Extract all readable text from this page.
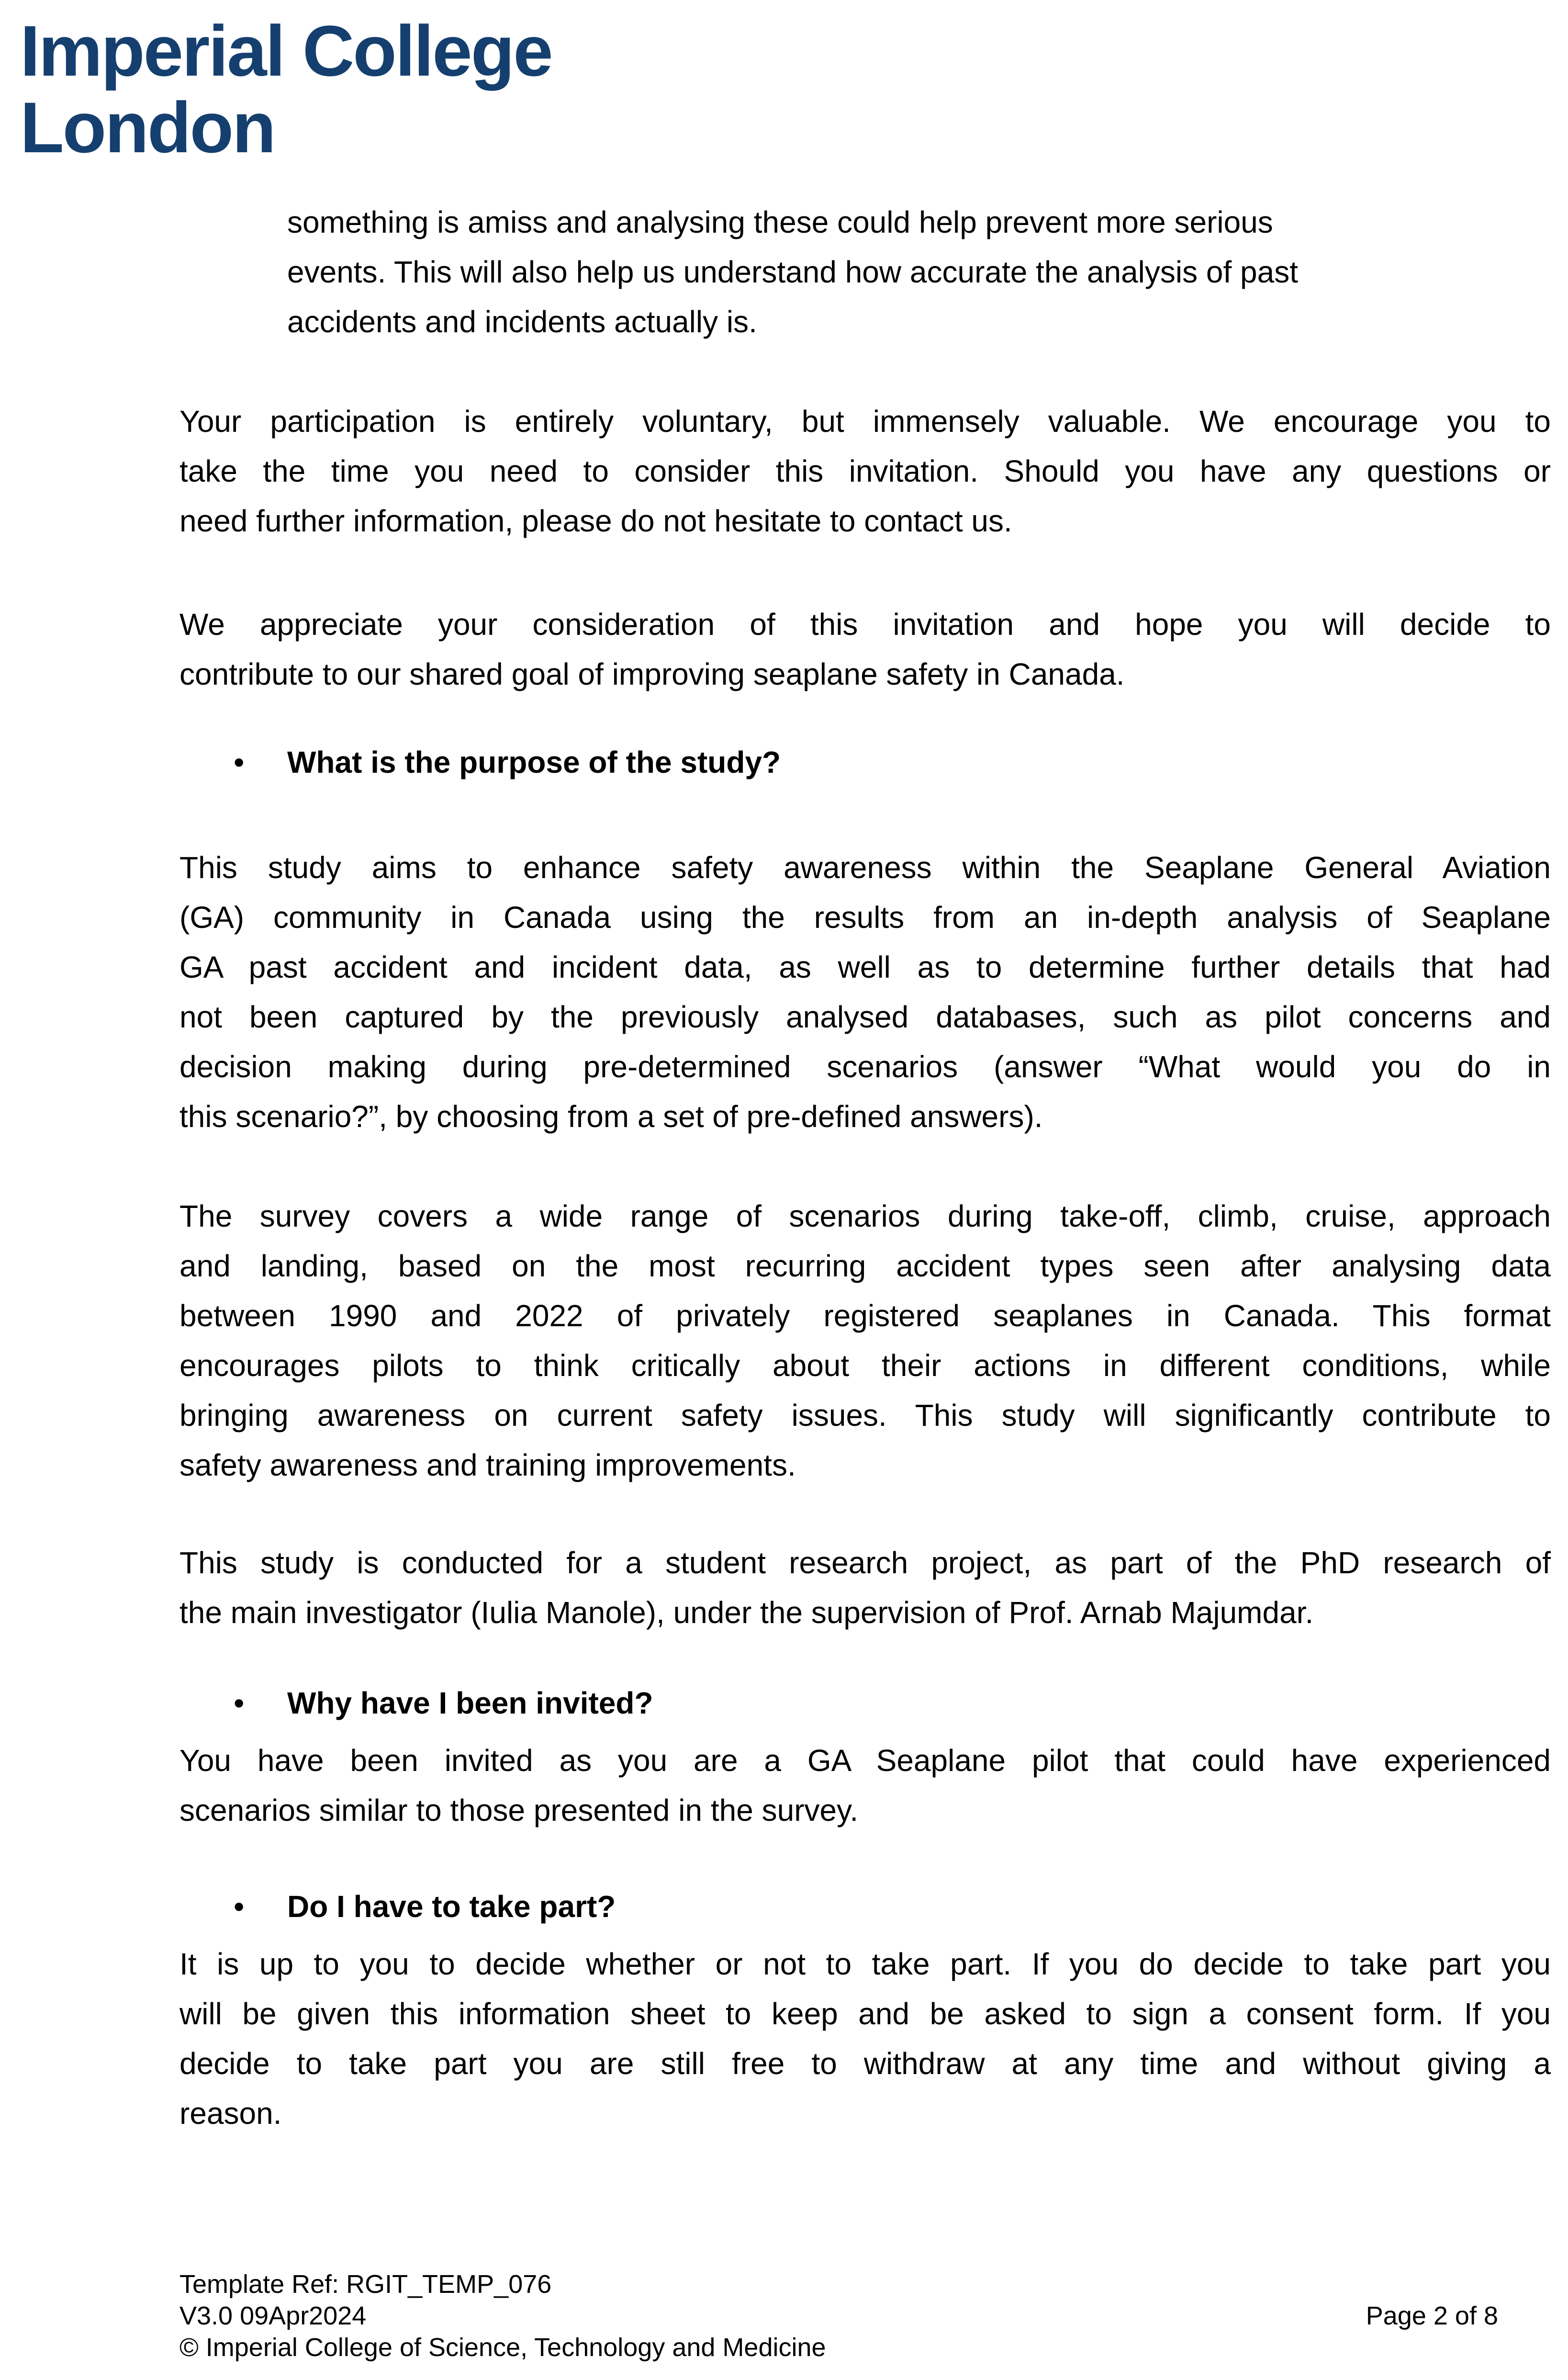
Imperial College
London
something is amiss and analysing these could help prevent more serious
events. This will also help us understand how accurate the analysis of past
accidents and incidents actually is.
Your participation is entirely voluntary, but immensely valuable. We encourage you to
take the time you need to consider this invitation. Should you have any questions or
need further information, please do not hesitate to contact us.
We appreciate your consideration of this invitation and hope you will decide to
contribute to our shared goal of improving seaplane safety in Canada.
•	What is the purpose of the study?
This study aims to enhance safety awareness within the Seaplane General Aviation
(GA) community in Canada using the results from an in-depth analysis of Seaplane
GA past accident and incident data, as well as to determine further details that had
not been captured by the previously analysed databases, such as pilot concerns and
decision making during pre-determined scenarios (answer “What would you do in
this scenario?”, by choosing from a set of pre-defined answers).
The survey covers a wide range of scenarios during take-off, climb, cruise, approach
and landing, based on the most recurring accident types seen after analysing data
between 1990 and 2022 of privately registered seaplanes in Canada. This format
encourages pilots to think critically about their actions in different conditions, while
bringing awareness on current safety issues. This study will significantly contribute to
safety awareness and training improvements.
This study is conducted for a student research project, as part of the PhD research of
the main investigator (Iulia Manole), under the supervision of Prof. Arnab Majumdar.
•	Why have I been invited?
You have been invited as you are a GA Seaplane pilot that could have experienced
scenarios similar to those presented in the survey.
•	Do I have to take part?
It is up to you to decide whether or not to take part. If you do decide to take part you
will be given this information sheet to keep and be asked to sign a consent form. If you
decide to take part you are still free to withdraw at any time and without giving a
reason.
Template Ref: RGIT_TEMP_076
V3.0 09Apr2024	Page 2 of 8
© Imperial College of Science, Technology and Medicine
